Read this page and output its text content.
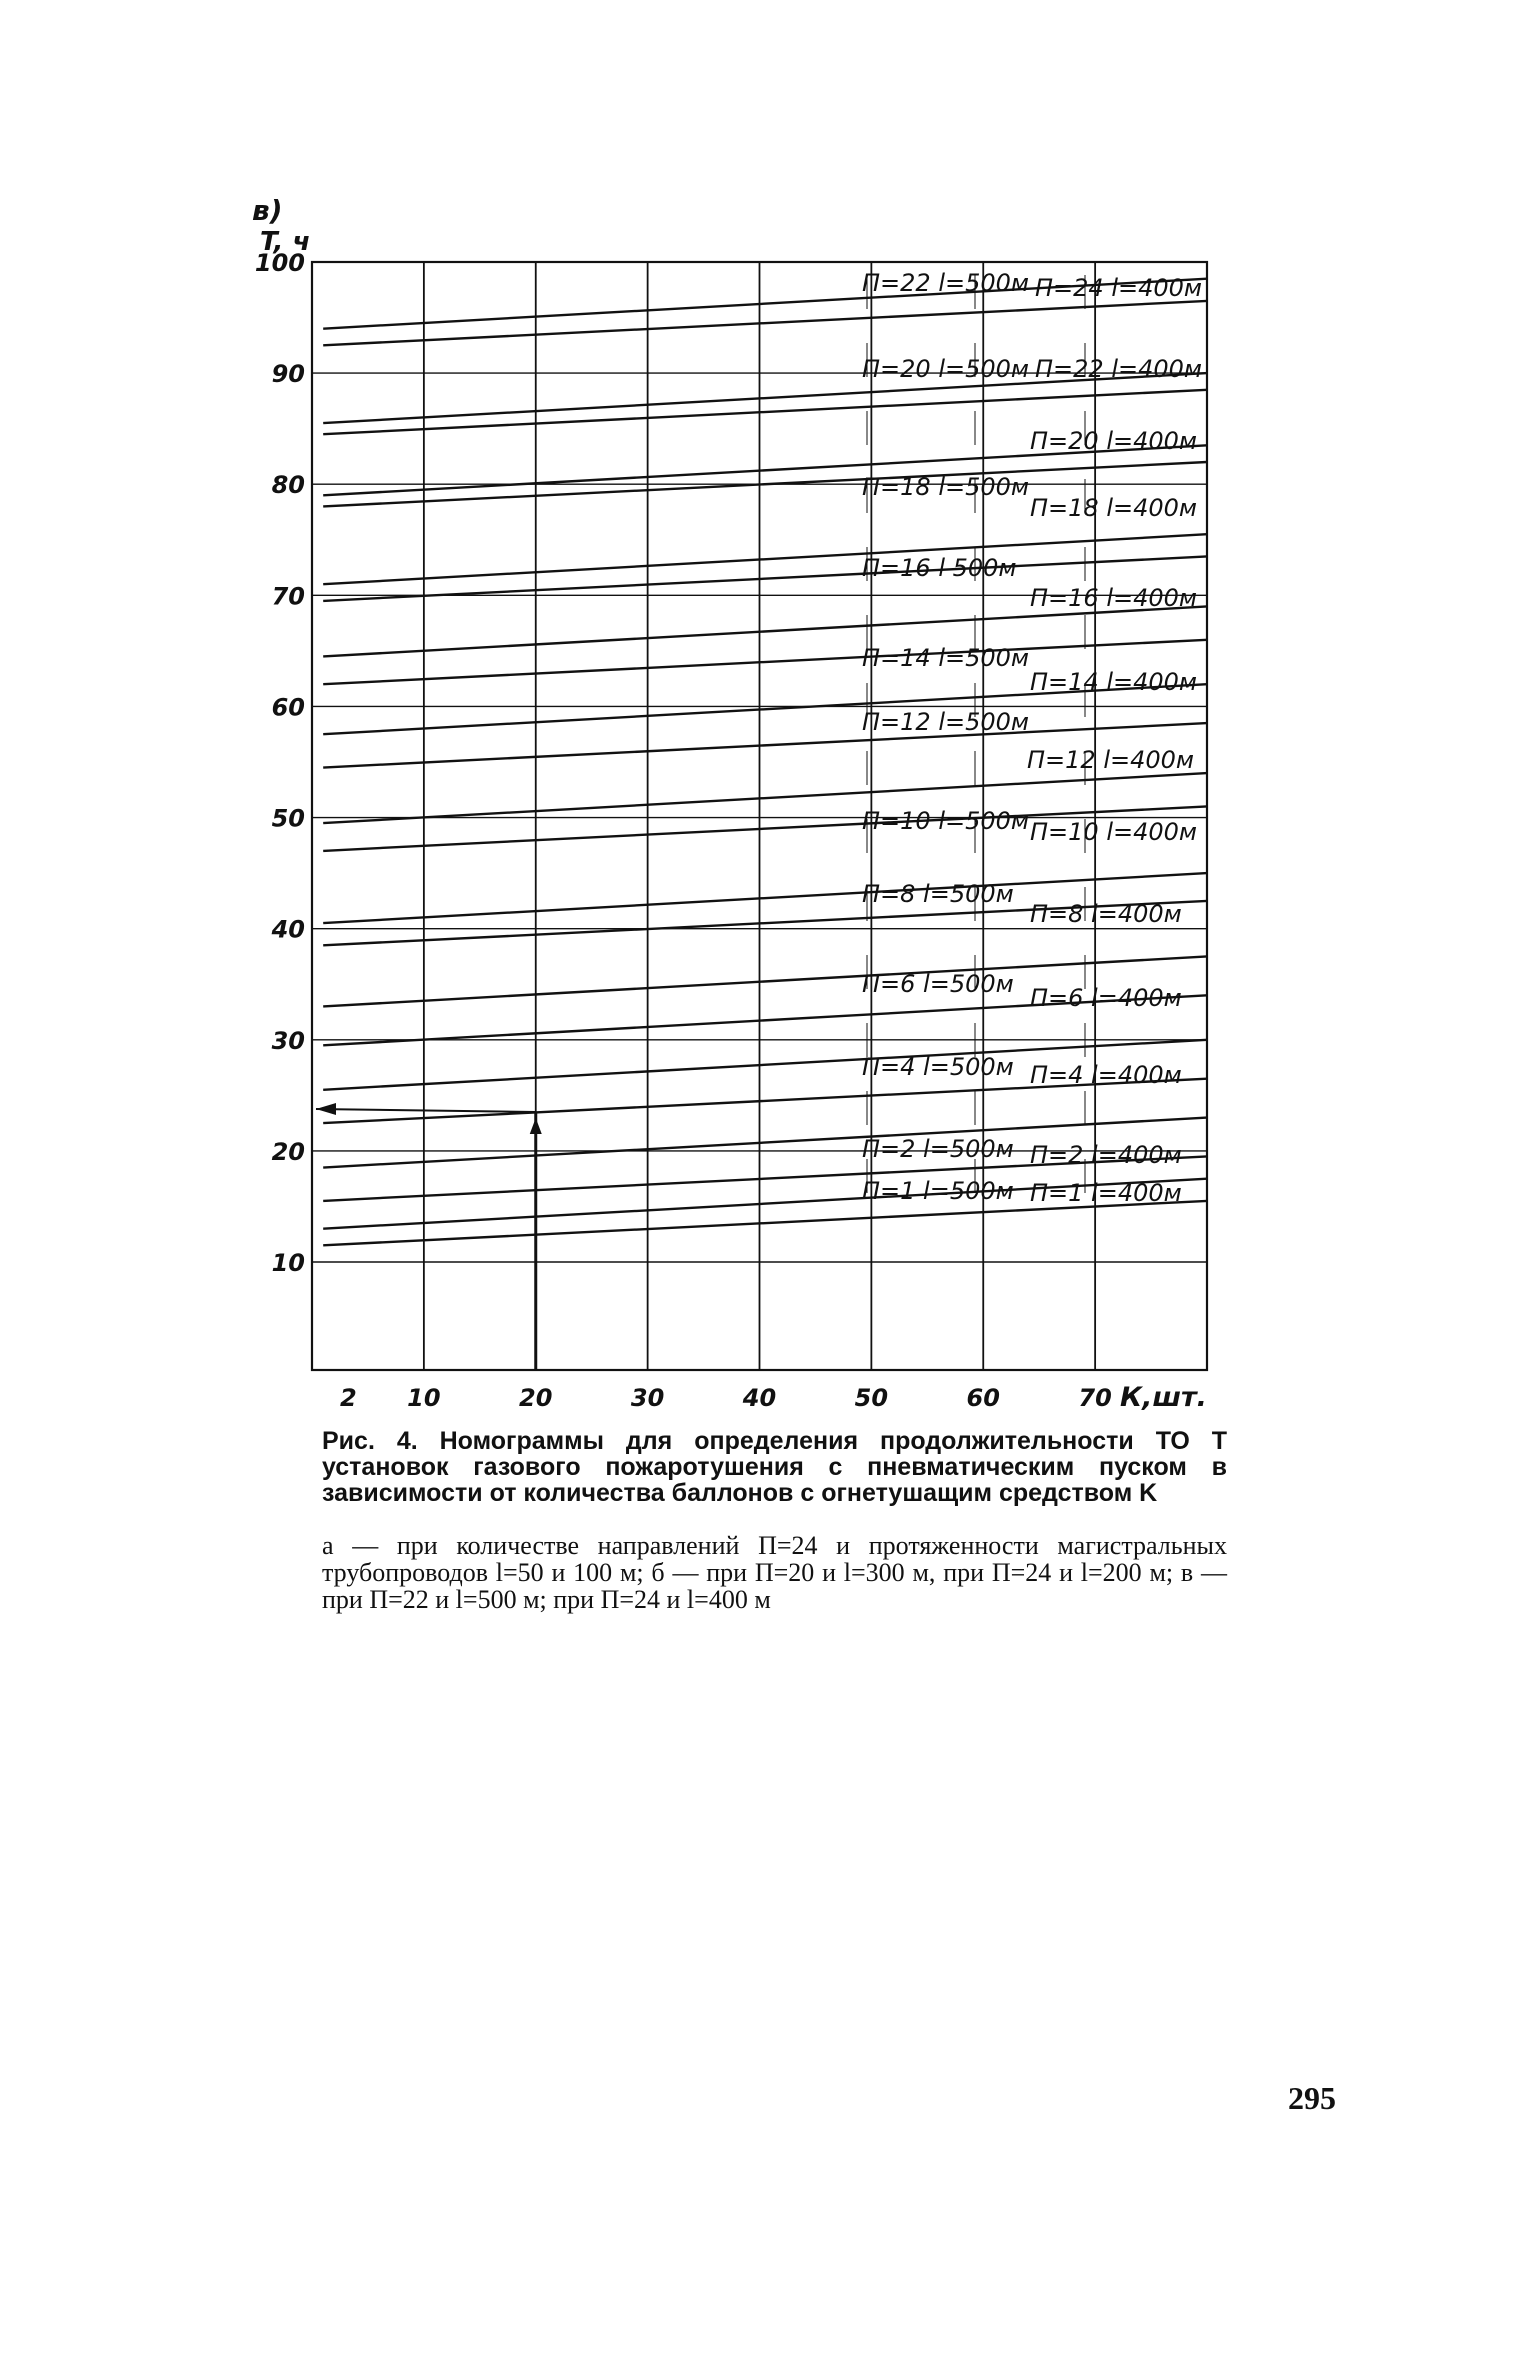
в)
T, ч
П=22 l=500м П=24 l=400м
П=20 l=500м П=22 l=400м
П=20 l=400м
П=18 l=500м
П=18 l=400м
П=16 l 500м
П=16 l=400м
П=14 l=500м
П=14 l=400м
П=12 l=500м
П=12 l=400м
П=10 l=500м П=10 l=400м
П=8 l=500м
П=8 l=400м
П=6 l=500м П=6 l=400м
П=4 l=500м П=4 l=400м
П=2 l=500м П=2 l=400м
П=1 l=500м П=1 l=400м
10
20
30
40
50
60
70
80
90
100
2 10	20	30	40	50	60	70 К,шт.

Рис. 4. Номограммы для определения продолжительности ТО T установок газового пожаротушения с пневматическим пуском в зависимости от количества баллонов с огнетушащим средством K

а — при количестве направлений П=24 и протяженности магистральных трубопроводов l=50 и 100 м; б — при П=20 и l=300 м, при П=24 и l=200 м; в — при П=22 и l=500 м; при П=24 и l=400 м

295
